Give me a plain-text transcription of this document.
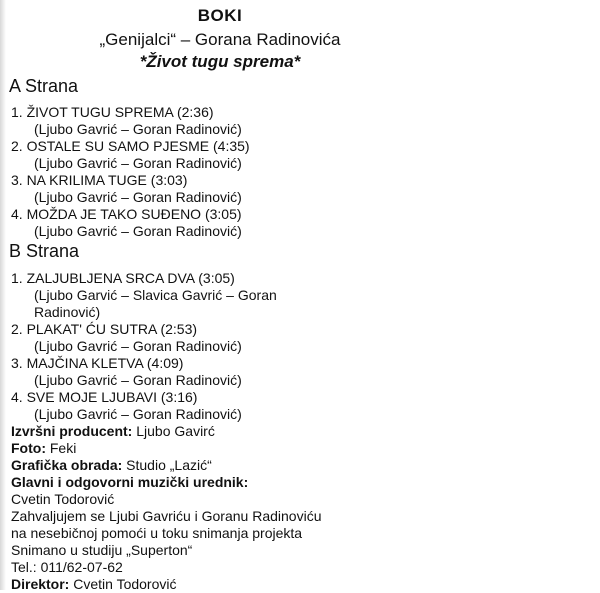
BOKI
„Genijalci“ – Gorana Radinovića
*Život tugu sprema*
A Strana
1. ŽIVOT TUGU SPREMA (2:36)
(Ljubo Gavrić – Goran Radinović)
2. OSTALE SU SAMO PJESME (4:35)
(Ljubo Gavrić – Goran Radinović)
3. NA KRILIMA TUGE (3:03)
(Ljubo Gavrić – Goran Radinović)
4. MOŽDA JE TAKO SUĐENO (3:05)
(Ljubo Gavrić – Goran Radinović)
B Strana
1. ZALJUBLJENA SRCA DVA (3:05)
(Ljubo Garvić – Slavica Gavrić – Goran Radinović)
2. PLAKAT' ĆU SUTRA (2:53)
(Ljubo Gavrić – Goran Radinović)
3. MAJČINA KLETVA (4:09)
(Ljubo Gavrić – Goran Radinović)
4. SVE MOJE LJUBAVI (3:16)
(Ljubo Gavrić – Goran Radinović)
Izvršni producent: Ljubo Gavirć
Foto: Feki
Grafička obrada: Studio „Lazić“
Glavni i odgovorni muzički urednik:
Cvetin Todorović
Zahvaljujem se Ljubi Gavriću i Goranu Radinoviću
na nesebičnoj pomoći u toku snimanja projekta
Snimano u studiju „Superton“
Tel.: 011/62-07-62
Direktor: Cvetin Todorović
